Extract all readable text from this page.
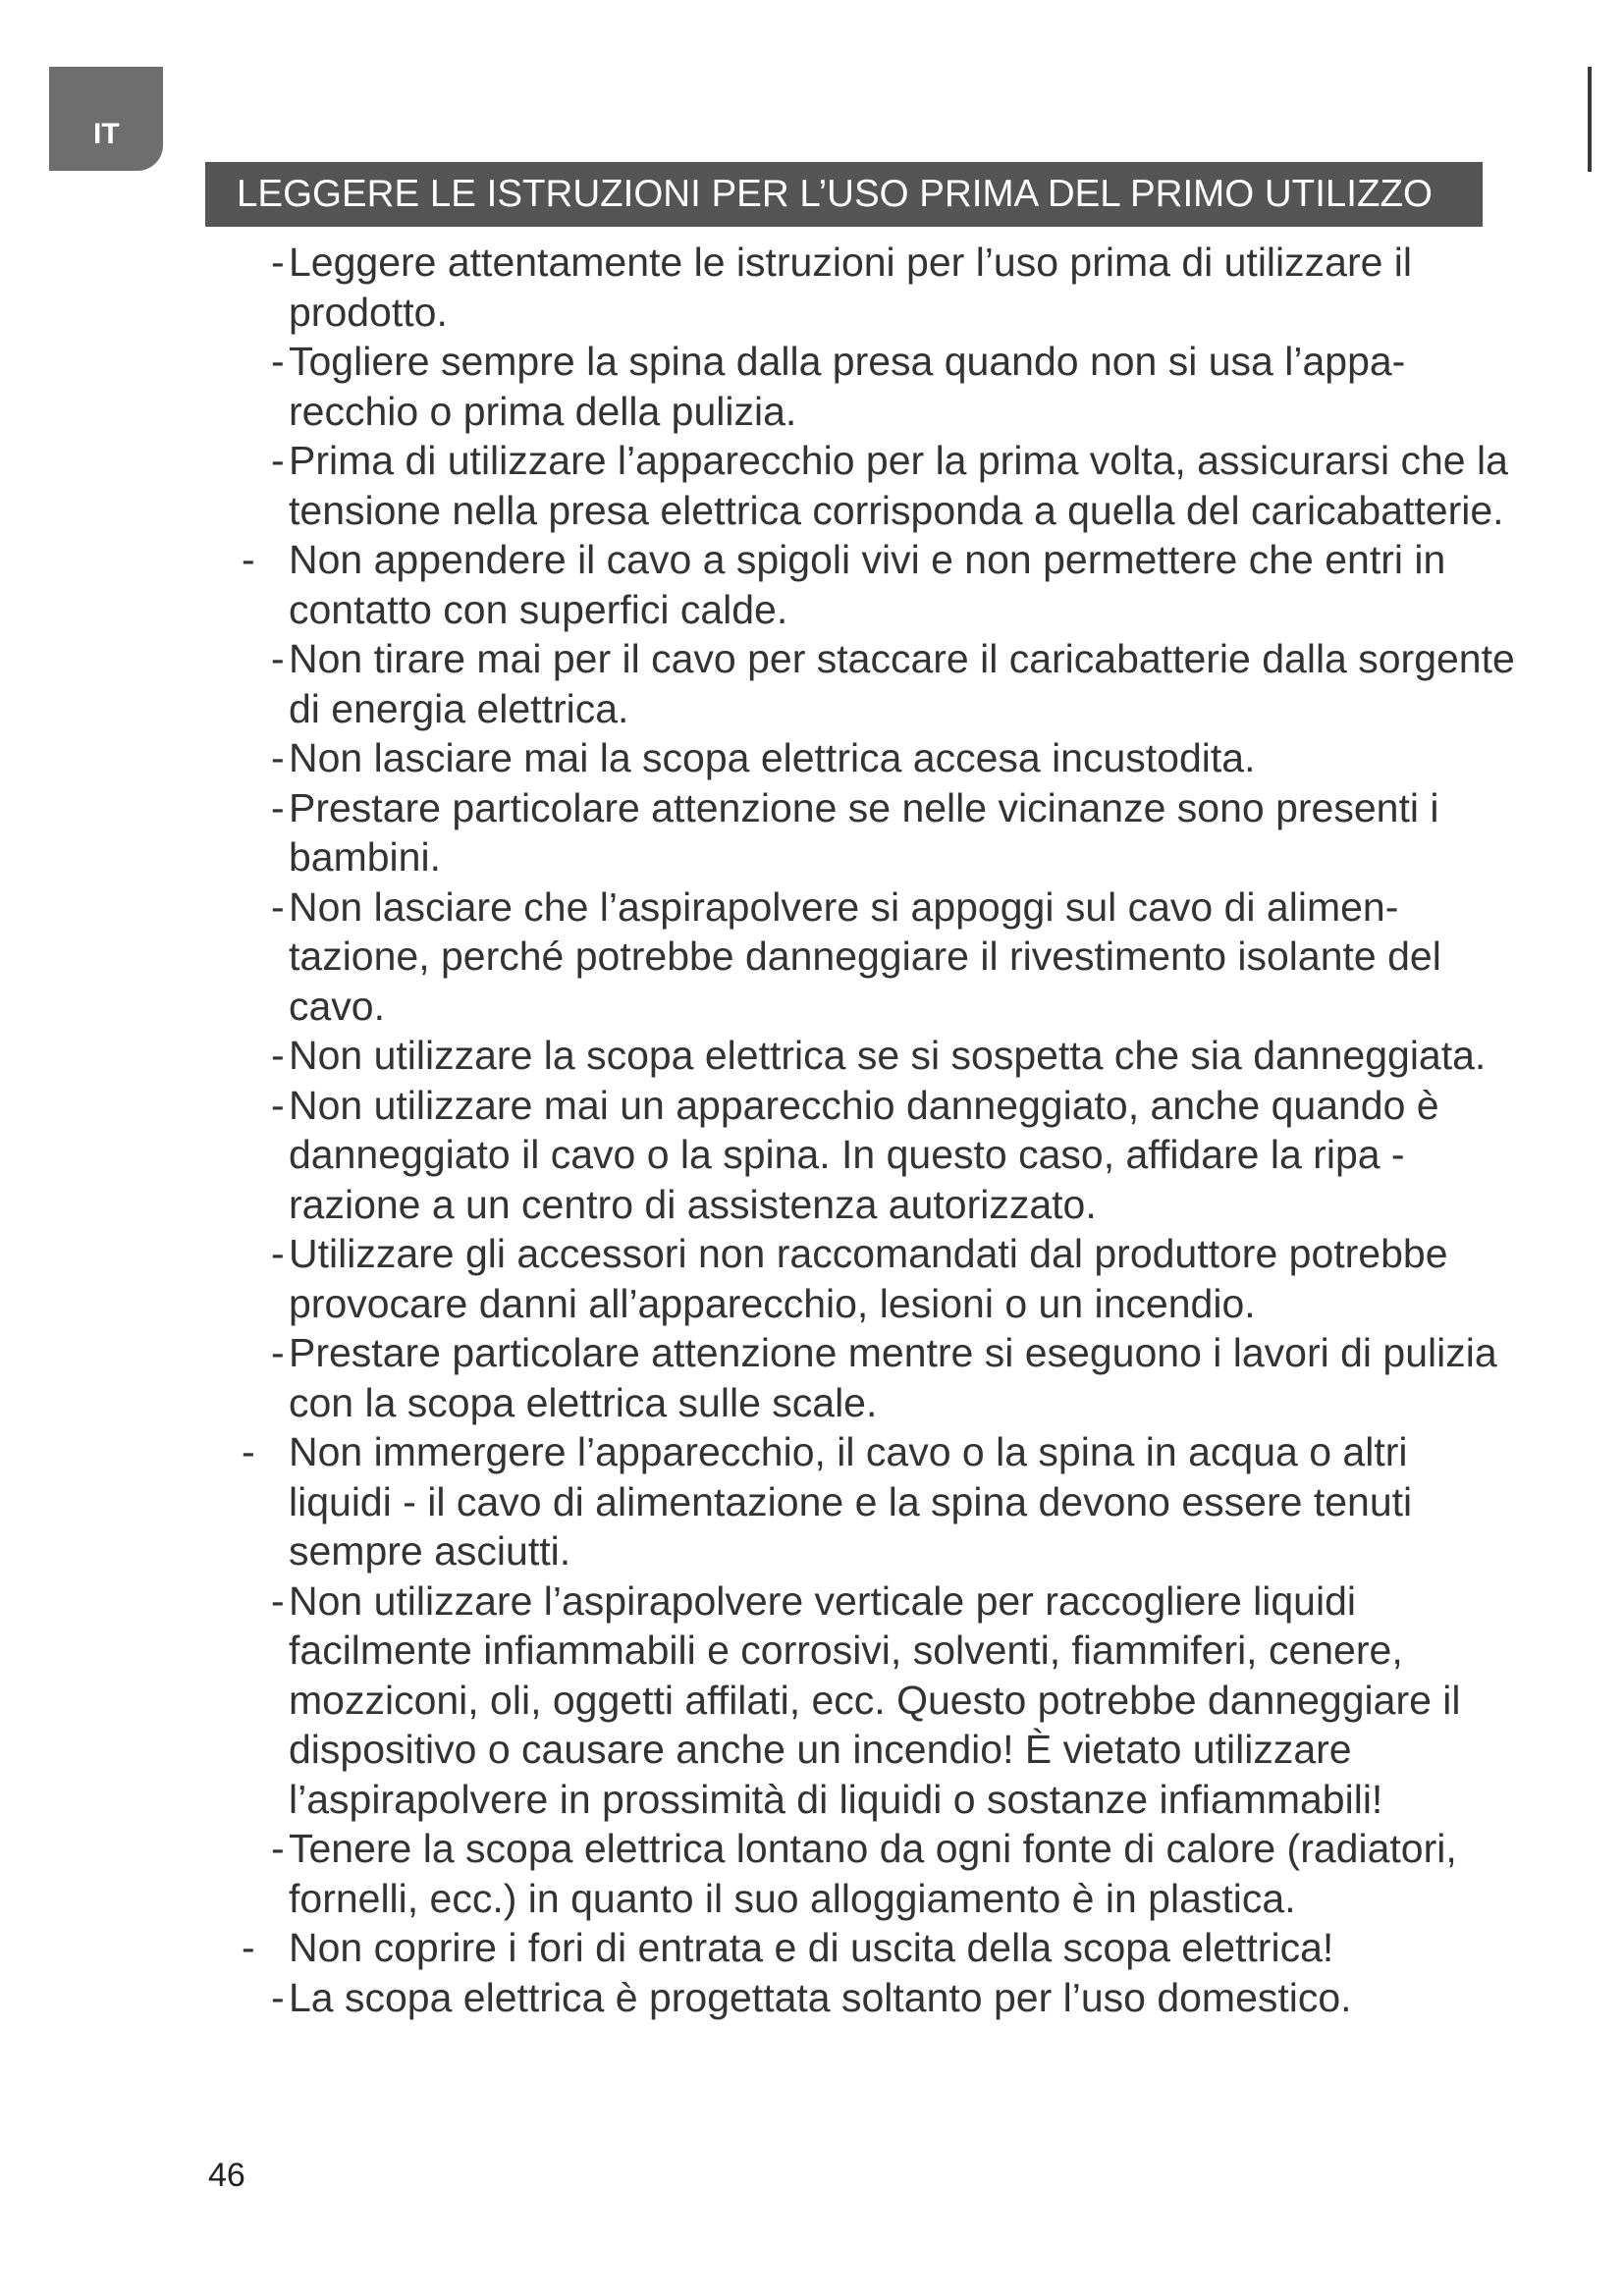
IT
LEGGERE LE ISTRUZIONI PER L’USO PRIMA DEL PRIMO UTILIZZO
- Leggere attentamente le istruzioni per l’uso prima di utilizzare il prodotto.
- Togliere sempre la spina dalla presa quando non si usa l’appa-recchio o prima della pulizia.
- Prima di utilizzare l’apparecchio per la prima volta, assicurarsi che la tensione nella presa elettrica corrisponda a quella del caricabatterie.
- Non appendere il cavo a spigoli vivi e non permettere che entri in contatto con superfici calde.
- Non tirare mai per il cavo per staccare il caricabatterie dalla sorgente di energia elettrica.
- Non lasciare mai la scopa elettrica accesa incustodita.
- Prestare particolare attenzione se nelle vicinanze sono presenti i bambini.
- Non lasciare che l’aspirapolvere si appoggi sul cavo di alimen-tazione, perché potrebbe danneggiare il rivestimento isolante del cavo.
- Non utilizzare la scopa elettrica se si sospetta che sia danneggiata.
- Non utilizzare mai un apparecchio danneggiato, anche quando è danneggiato il cavo o la spina. In questo caso, affidare la ripa - razione a un centro di assistenza autorizzato.
- Utilizzare gli accessori non raccomandati dal produttore potrebbe provocare danni all’apparecchio, lesioni o un incendio.
- Prestare particolare attenzione mentre si eseguono i lavori di pulizia con la scopa elettrica sulle scale.
- Non immergere l’apparecchio, il cavo o la spina in acqua o altri liquidi - il cavo di alimentazione e la spina devono essere tenuti sempre asciutti.
- Non utilizzare l’aspirapolvere verticale per raccogliere liquidi facilmente infiammabili e corrosivi, solventi, fiammiferi, cenere, mozziconi, oli, oggetti affilati, ecc. Questo potrebbe danneggiare il dispositivo o causare anche un incendio! È vietato utilizzare l’aspirapolvere in prossimità di liquidi o sostanze infiammabili!
- Tenere la scopa elettrica lontano da ogni fonte di calore (radiatori, fornelli, ecc.) in quanto il suo alloggiamento è in plastica.
- Non coprire i fori di entrata e di uscita della scopa elettrica!
- La scopa elettrica è progettata soltanto per l’uso domestico.
46
